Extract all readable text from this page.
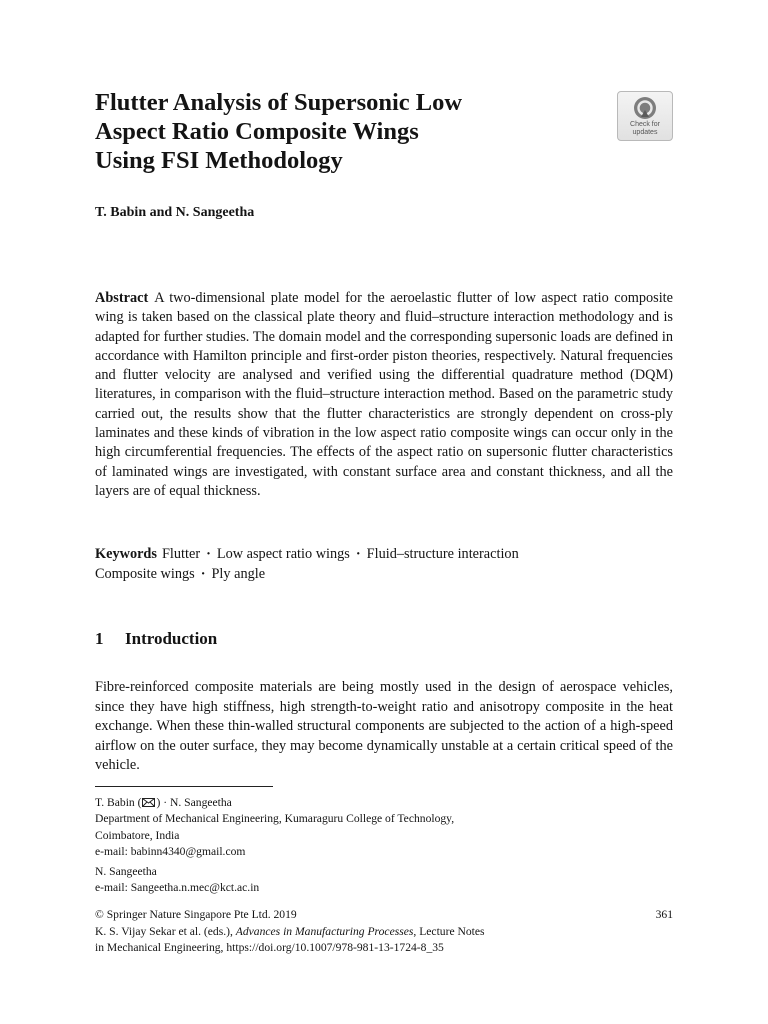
Flutter Analysis of Supersonic Low
Aspect Ratio Composite Wings
Using FSI Methodology
Check for
updates

T. Babin and N. Sangeetha

Abstract A two-dimensional plate model for the aeroelastic flutter of low aspect ratio composite wing is taken based on the classical plate theory and fluid–structure interaction methodology and is adapted for further studies. The domain model and the corresponding supersonic loads are defined in accordance with Hamilton principle and first-order piston theories, respectively. Natural frequencies and flutter velocity are analysed and verified using the differential quadrature method (DQM) literatures, in comparison with the fluid–structure interaction method. Based on the parametric study carried out, the results show that the flutter characteristics are strongly dependent on cross-ply laminates and these kinds of vibration in the low aspect ratio composite wings can occur only in the high circumferential frequencies. The effects of the aspect ratio on supersonic flutter characteristics of laminated wings are investigated, with constant surface area and constant thickness, and all the layers are of equal thickness.

Keywords Flutter · Low aspect ratio wings · Fluid–structure interaction
Composite wings · Ply angle

1 Introduction

Fibre-reinforced composite materials are being mostly used in the design of aerospace vehicles, since they have high stiffness, high strength-to-weight ratio and anisotropy composite in the heat exchange. When these thin-walled structural components are subjected to the action of a high-speed airflow on the outer surface, they may become dynamically unstable at a certain critical speed of the vehicle.

T. Babin ( ) · N. Sangeetha
Department of Mechanical Engineering, Kumaraguru College of Technology,
Coimbatore, India
e-mail: babinn4340@gmail.com
N. Sangeetha
e-mail: Sangeetha.n.mec@kct.ac.in
© Springer Nature Singapore Pte Ltd. 2019
K. S. Vijay Sekar et al. (eds.), Advances in Manufacturing Processes, Lecture Notes
in Mechanical Engineering, https://doi.org/10.1007/978-981-13-1724-8_35
361
